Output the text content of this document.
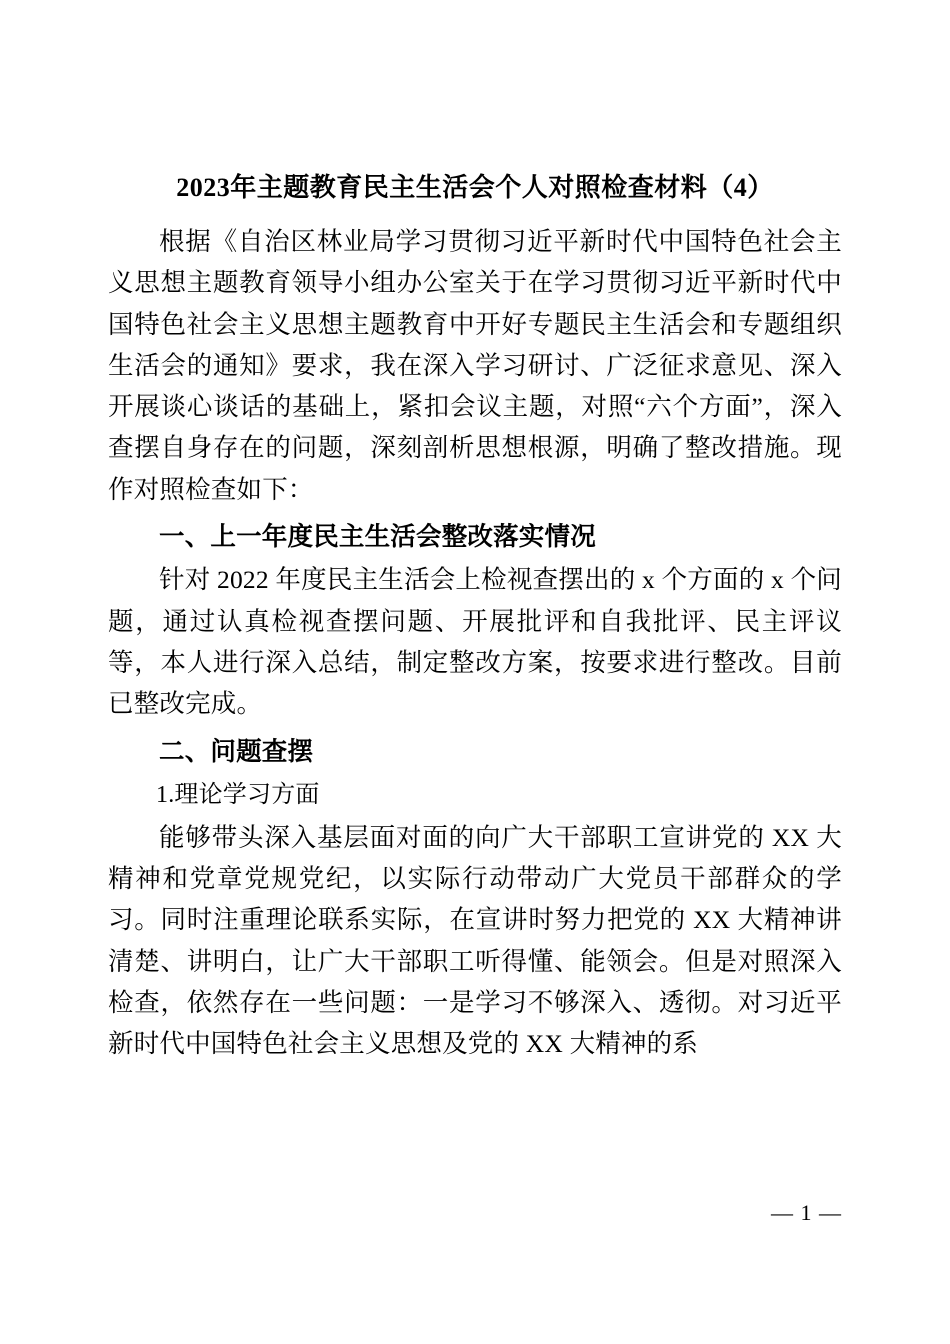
2023年主题教育民主生活会个人对照检查材料（4）

根据《自治区林业局学习贯彻习近平新时代中国特色社会主义思想主题教育领导小组办公室关于在学习贯彻习近平新时代中国特色社会主义思想主题教育中开好专题民主生活会和专题组织生活会的通知》要求，我在深入学习研讨、广泛征求意见、深入开展谈心谈话的基础上，紧扣会议主题，对照“六个方面”，深入查摆自身存在的问题，深刻剖析思想根源，明确了整改措施。现作对照检查如下：

一、上一年度民主生活会整改落实情况

针对 2022 年度民主生活会上检视查摆出的 x 个方面的 x 个问题，通过认真检视查摆问题、开展批评和自我批评、民主评议等，本人进行深入总结，制定整改方案，按要求进行整改。目前已整改完成。

二、问题查摆

1.理论学习方面

能够带头深入基层面对面的向广大干部职工宣讲党的 XX 大精神和党章党规党纪，以实际行动带动广大党员干部群众的学习。同时注重理论联系实际，在宣讲时努力把党的 XX 大精神讲清楚、讲明白，让广大干部职工听得懂、能领会。但是对照深入检查，依然存在一些问题：一是学习不够深入、透彻。对习近平新时代中国特色社会主义思想及党的 XX 大精神的系

— 1 —
